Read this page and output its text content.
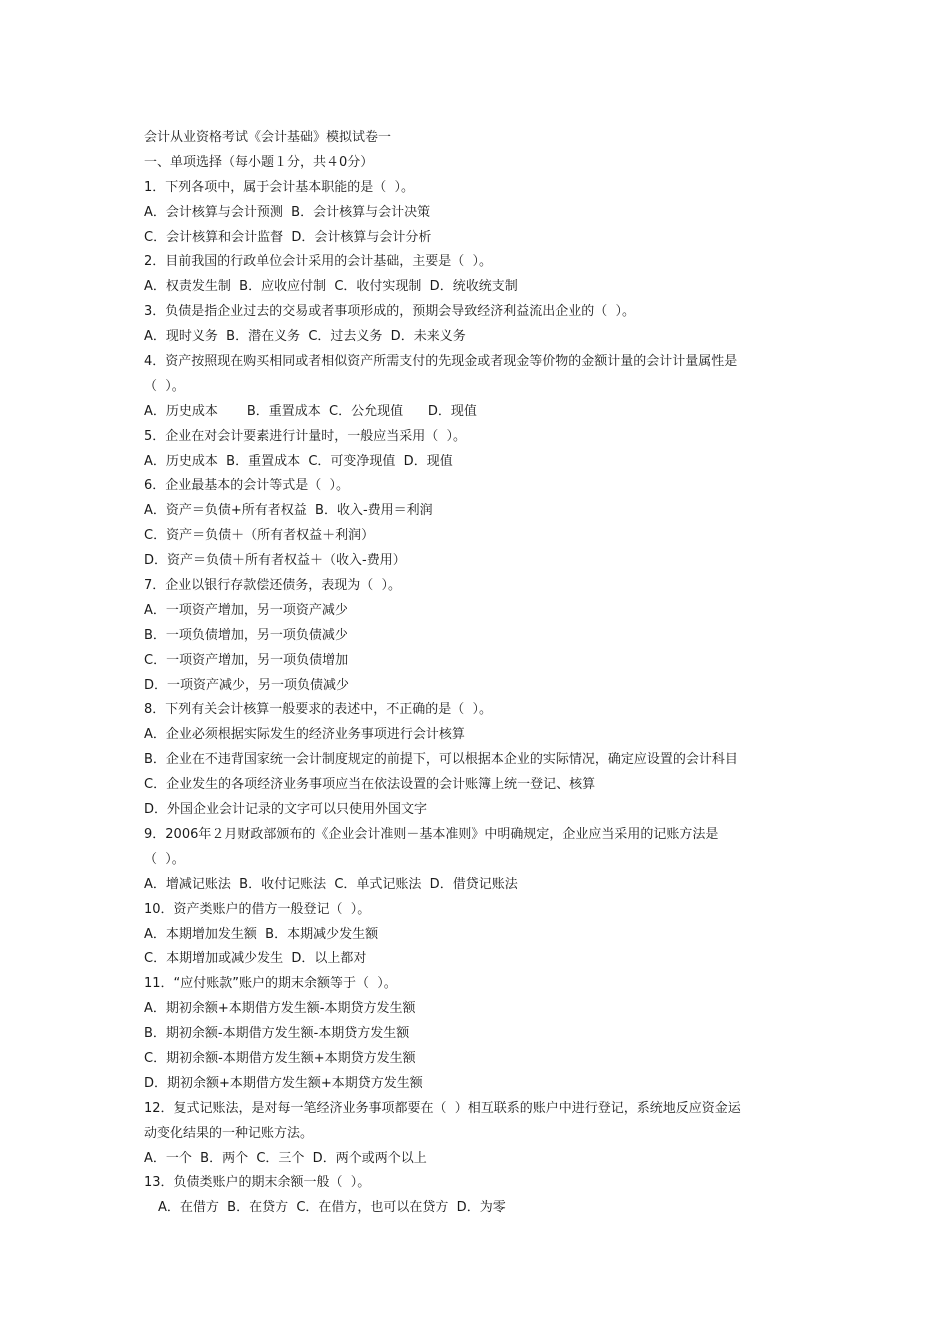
会计从业资格考试《会计基础》模拟试卷一
一、单项选择（每小题１分，共４0分）
1．下列各项中，属于会计基本职能的是（  ）。
A．会计核算与会计预测  B．会计核算与会计决策
C．会计核算和会计监督  D．会计核算与会计分析
2．目前我国的行政单位会计采用的会计基础，主要是（  ）。
A．权责发生制  B．应收应付制  C．收付实现制  D．统收统支制
3．负债是指企业过去的交易或者事项形成的，预期会导致经济利益流出企业的（  ）。
A．现时义务  B．潜在义务  C．过去义务  D．未来义务
4．资产按照现在购买相同或者相似资产所需支付的先现金或者现金等价物的金额计量的会计计量属性是
（  ）。
A．历史成本       B．重置成本  C．公允现值      D．现值
5．企业在对会计要素进行计量时，一般应当采用（  ）。
A．历史成本  B．重置成本  C．可变净现值  D．现值
6．企业最基本的会计等式是（  ）。
A．资产＝负债+所有者权益  B．收入-费用＝利润
C．资产＝负债＋（所有者权益＋利润）
D．资产＝负债＋所有者权益＋（收入-费用）
7．企业以银行存款偿还债务，表现为（  ）。
A．一项资产增加，另一项资产减少
B．一项负债增加，另一项负债减少
C．一项资产增加，另一项负债增加
D．一项资产减少，另一项负债减少
8．下列有关会计核算一般要求的表述中，不正确的是（  ）。
A．企业必须根据实际发生的经济业务事项进行会计核算
B．企业在不违背国家统一会计制度规定的前提下，可以根据本企业的实际情况，确定应设置的会计科目
C．企业发生的各项经济业务事项应当在依法设置的会计账簿上统一登记、核算
D．外国企业会计记录的文字可以只使用外国文字
9．2006年２月财政部颁布的《企业会计准则－基本准则》中明确规定，企业应当采用的记账方法是
（  ）。
A．增减记账法  B．收付记账法  C．单式记账法  D．借贷记账法
10．资产类账户的借方一般登记（  ）。
A．本期增加发生额  B．本期减少发生额
C．本期增加或减少发生  D．以上都对
11．“应付账款”账户的期末余额等于（  ）。
A．期初余额+本期借方发生额-本期贷方发生额
B．期初余额-本期借方发生额-本期贷方发生额
C．期初余额-本期借方发生额+本期贷方发生额
D．期初余额+本期借方发生额+本期贷方发生额
12．复式记账法，是对每一笔经济业务事项都要在（  ）相互联系的账户中进行登记，系统地反应资金运
动变化结果的一种记账方法。
A．一个  B．两个  C．三个  D．两个或两个以上
13．负债类账户的期末余额一般（  ）。
A．在借方  B．在贷方  C．在借方，也可以在贷方  D．为零
